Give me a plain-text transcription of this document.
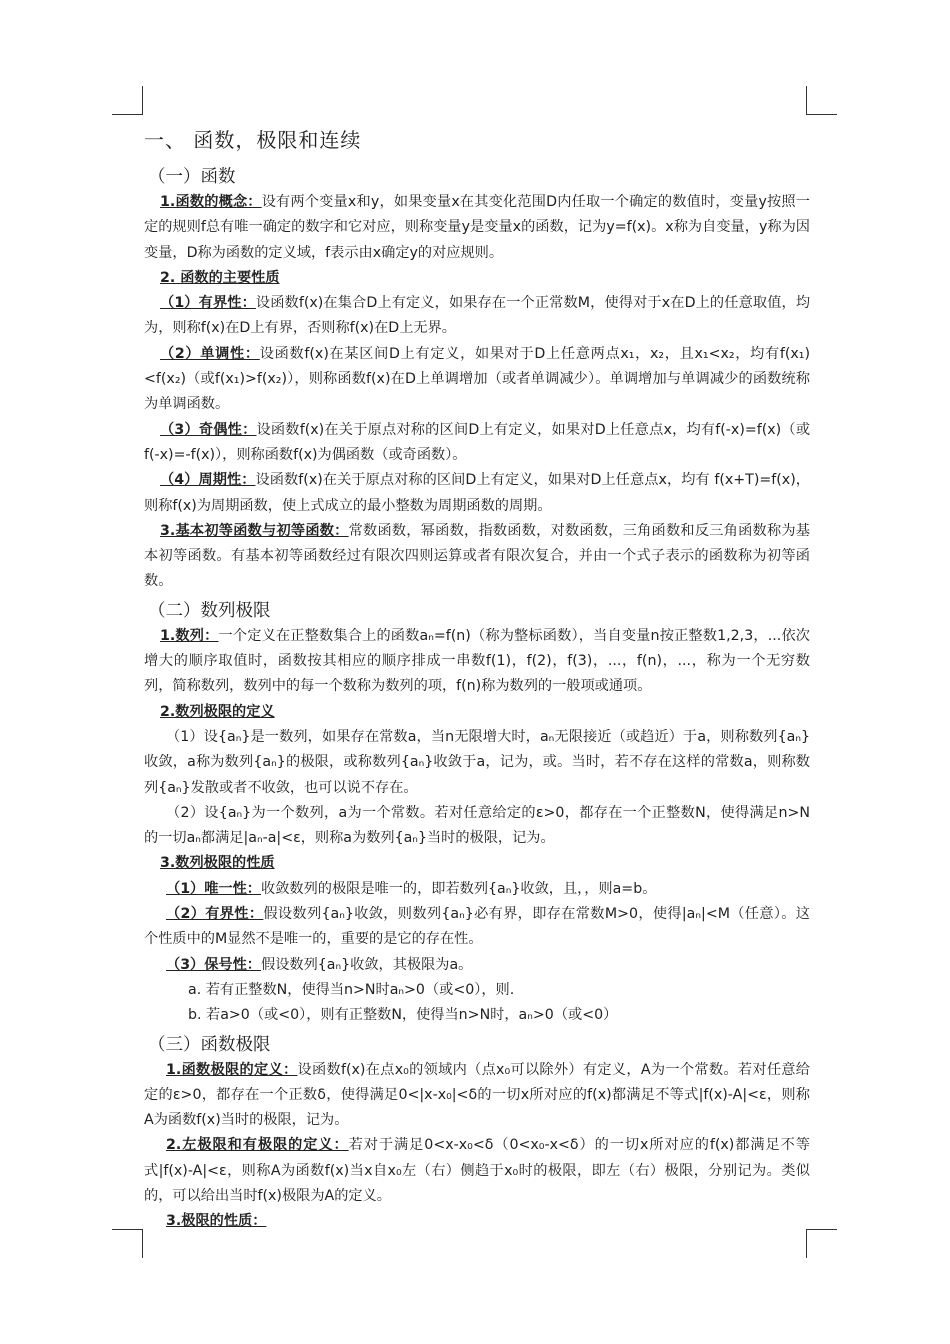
一、 函数，极限和连续
（一）函数

1.函数的概念：设有两个变量x和y，如果变量x在其变化范围D内任取一个确定的数值时，变量y按照一定的规则f总有唯一确定的数字和它对应，则称变量y是变量x的函数，记为y=f(x)。x称为自变量，y称为因变量，D称为函数的定义域，f表示由x确定y的对应规则。

2. 函数的主要性质

（1）有界性：设函数f(x)在集合D上有定义，如果存在一个正常数M，使得对于x在D上的任意取值，均为，则称f(x)在D上有界，否则称f(x)在D上无界。

（2）单调性：设函数f(x)在某区间D上有定义，如果对于D上任意两点x₁，x₂，且x₁<x₂，均有f(x₁)<f(x₂)（或f(x₁)>f(x₂)），则称函数f(x)在D上单调增加（或者单调减少）。单调增加与单调减少的函数统称为单调函数。

（3）奇偶性：设函数f(x)在关于原点对称的区间D上有定义，如果对D上任意点x，均有f(-x)=f(x)（或f(-x)=-f(x)），则称函数f(x)为偶函数（或奇函数）。

（4）周期性：设函数f(x)在关于原点对称的区间D上有定义，如果对D上任意点x，均有 f(x+T)=f(x)，则称f(x)为周期函数，使上式成立的最小整数为周期函数的周期。

3.基本初等函数与初等函数：常数函数，幂函数，指数函数，对数函数，三角函数和反三角函数称为基本初等函数。有基本初等函数经过有限次四则运算或者有限次复合，并由一个式子表示的函数称为初等函数。

（二）数列极限

1.数列：一个定义在正整数集合上的函数aₙ=f(n)（称为整标函数），当自变量n按正整数1,2,3，...依次增大的顺序取值时，函数按其相应的顺序排成一串数f(1)，f(2)，f(3)，...，f(n)，...，称为一个无穷数列，简称数列，数列中的每一个数称为数列的项，f(n)称为数列的一般项或通项。

2.数列极限的定义

（1）设{aₙ}是一数列，如果存在常数a，当n无限增大时，aₙ无限接近（或趋近）于a，则称数列{aₙ}收敛，a称为数列{aₙ}的极限，或称数列{aₙ}收敛于a，记为，或。当时，若不存在这样的常数a，则称数列{aₙ}发散或者不收敛，也可以说不存在。

（2）设{aₙ}为一个数列，a为一个常数。若对任意给定的ε>0，都存在一个正整数N，使得满足n>N的一切aₙ都满足|aₙ-a|<ε，则称a为数列{aₙ}当时的极限，记为。

3.数列极限的性质

（1）唯一性：收敛数列的极限是唯一的，即若数列{aₙ}收敛，且，，则a=b。

（2）有界性：假设数列{aₙ}收敛，则数列{aₙ}必有界，即存在常数M>0，使得|aₙ|<M（任意）。这个性质中的M显然不是唯一的，重要的是它的存在性。

（3）保号性：假设数列{aₙ}收敛，其极限为a。

a. 若有正整数N，使得当n>N时aₙ>0（或<0），则.

b. 若a>0（或<0），则有正整数N，使得当n>N时，aₙ>0（或<0）

（三）函数极限

1.函数极限的定义：设函数f(x)在点x₀的领域内（点x₀可以除外）有定义，A为一个常数。若对任意给定的ε>0，都存在一个正数δ，使得满足0<|x-x₀|<δ的一切x所对应的f(x)都满足不等式|f(x)-A|<ε，则称A为函数f(x)当时的极限，记为。

2.左极限和有极限的定义：若对于满足0<x-x₀<δ（0<x₀-x<δ）的一切x所对应的f(x)都满足不等式|f(x)-A|<ε，则称A为函数f(x)当x自x₀左（右）侧趋于x₀时的极限，即左（右）极限，分别记为。类似的，可以给出当时f(x)极限为A的定义。

3.极限的性质：
